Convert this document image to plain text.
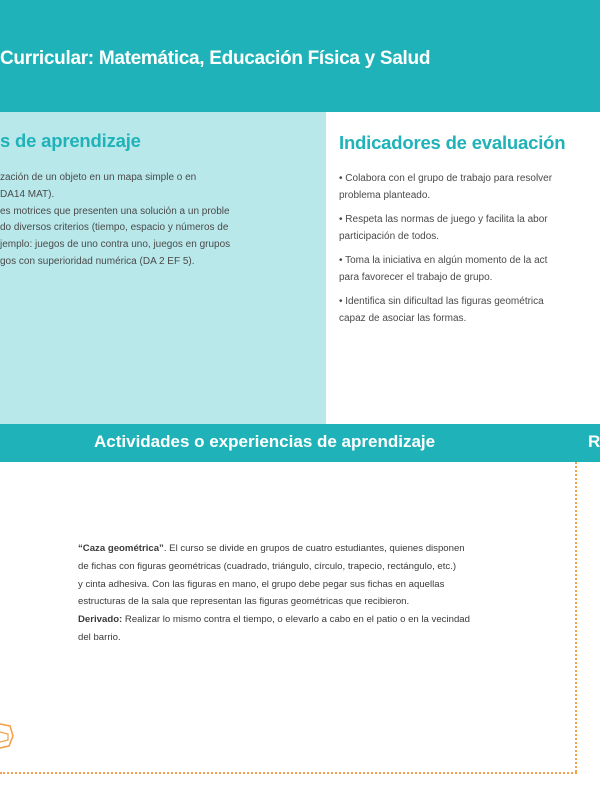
Curricular: Matemática, Educación Física y Salud
s de aprendizaje

zación de un objeto en un mapa simple o en

DA14 MAT).

es motrices que presenten una solución a un proble

do diversos criterios (tiempo, espacio y números de

jemplo: juegos de uno contra uno, juegos en grupos

gos con superioridad numérica (DA 2 EF 5).

Indicadores de evaluación

• Colabora con el grupo de trabajo para resolver

problema planteado.

• Respeta las normas de juego y facilita la abor

participación de todos.

• Toma la iniciativa en algún momento de la act

para favorecer el trabajo de grupo.

• Identifica sin dificultad las figuras geométrica

capaz de asociar las formas.

Actividades o experiencias de aprendizaje	R

“Caza geométrica”. El curso se divide en grupos de cuatro estudiantes, quienes disponen

de fichas con figuras geométricas (cuadrado, triángulo, círculo, trapecio, rectángulo, etc.)

y cinta adhesiva. Con las figuras en mano, el grupo debe pegar sus fichas en aquellas

estructuras de la sala que representan las figuras geométricas que recibieron.

Derivado: Realizar lo mismo contra el tiempo, o elevarlo a cabo en el patio o en la vecindad

del barrio.
